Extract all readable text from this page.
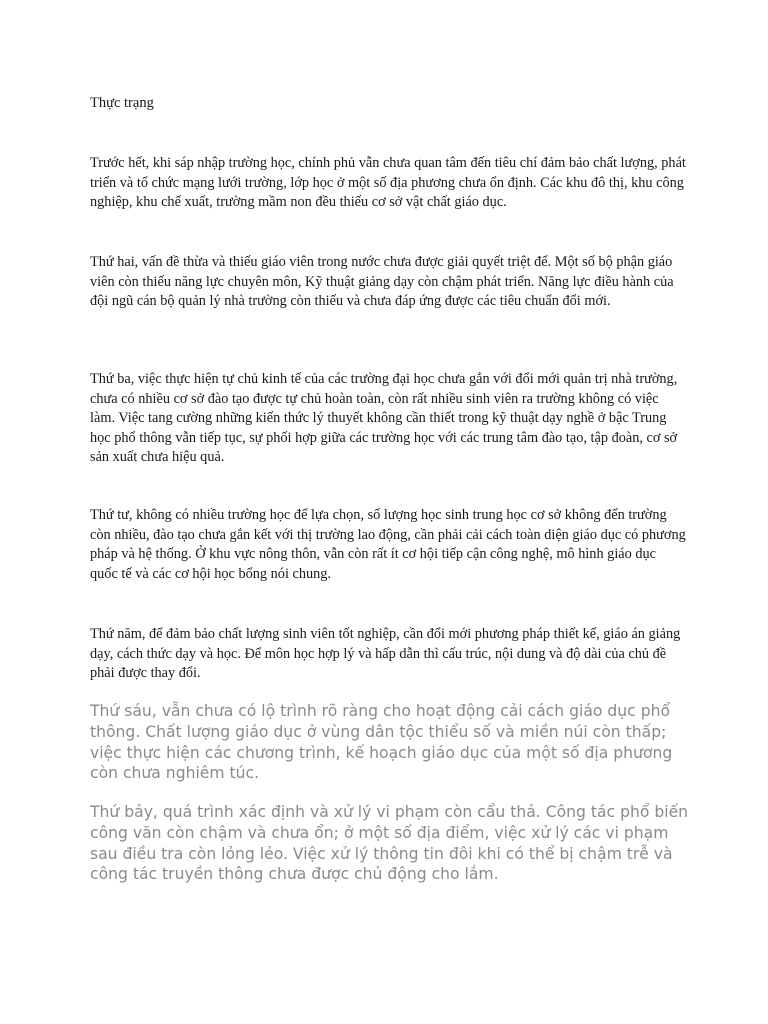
Thực trạng

Trước hết, khi sáp nhập trường học, chính phủ vẫn chưa quan tâm đến tiêu chí đảm bảo chất lượng, phát triển và tổ chức mạng lưới trường, lớp học ở một số địa phương chưa ổn định. Các khu đô thị, khu công nghiệp, khu chế xuất, trường mầm non đều thiếu cơ sở vật chất giáo dục.

Thứ hai, vấn đề thừa và thiếu giáo viên trong nước chưa được giải quyết triệt để. Một số bộ phận giáo viên còn thiếu năng lực chuyên môn, Kỹ thuật giảng dạy còn chậm phát triển. Năng lực điều hành của đội ngũ cán bộ quản lý nhà trường còn thiếu và chưa đáp ứng được các tiêu chuẩn đổi mới.

Thứ ba, việc thực hiện tự chủ kinh tế của các trường đại học chưa gắn với đổi mới quản trị nhà trường, chưa có nhiều cơ sở đào tạo được tự chủ hoàn toàn, còn rất nhiều sinh viên ra trường không có việc làm. Việc tang cường những kiến thức lý thuyết không cần thiết trong kỹ thuật dạy nghề ở bậc Trung học phổ thông vẫn tiếp tục, sự phối hợp giữa các trường học với các trung tâm đào tạo, tập đoàn, cơ sở sản xuất chưa hiệu quả.

Thứ tư, không có nhiều trường học để lựa chọn, số lượng học sinh trung học cơ sở không đến trường còn nhiều, đào tạo chưa gắn kết với thị trường lao động, cần phải cải cách toàn diện giáo dục có phương pháp và hệ thống. Ở khu vực nông thôn, vẫn còn rất ít cơ hội tiếp cận công nghệ, mô hình giáo dục quốc tế và các cơ hội học bổng nói chung.

Thứ năm, để đảm bảo chất lượng sinh viên tốt nghiệp, cần đổi mới phương pháp thiết kế, giáo án giảng dạy, cách thức dạy và học. Để môn học hợp lý và hấp dẫn thì cấu trúc, nội dung và độ dài của chủ đề phải được thay đổi.

Thứ sáu, vẫn chưa có lộ trình rõ ràng cho hoạt động cải cách giáo dục phổ thông. Chất lượng giáo dục ở vùng dân tộc thiểu số và miền núi còn thấp; việc thực hiện các chương trình, kế hoạch giáo dục của một số địa phương còn chưa nghiêm túc.

Thứ bảy, quá trình xác định và xử lý vi phạm còn cẩu thả. Công tác phổ biến công văn còn chậm và chưa ổn; ở một số địa điểm, việc xử lý các vi phạm sau điều tra còn lỏng lẻo. Việc xử lý thông tin đôi khi có thể bị chậm trễ và công tác truyền thông chưa được chủ động cho lắm.
